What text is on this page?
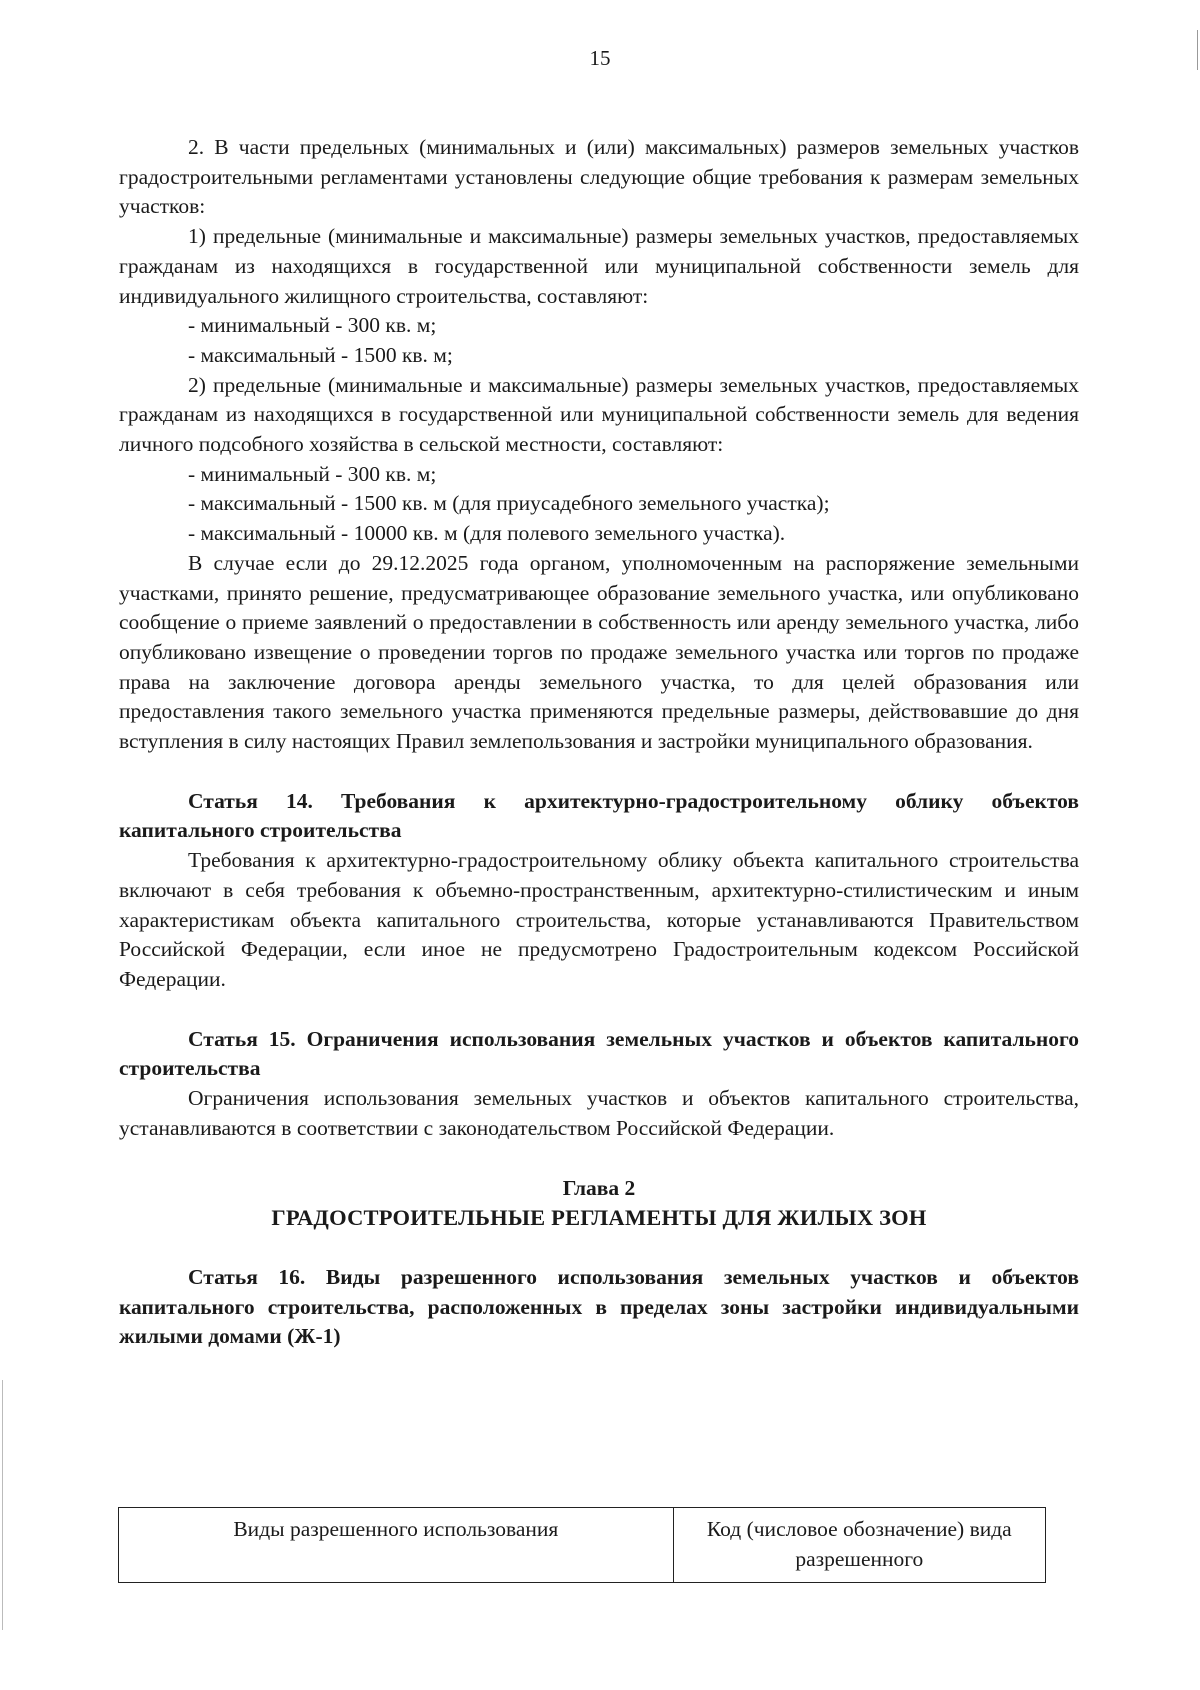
15

2. В части предельных (минимальных и (или) максимальных) размеров земельных участков градостроительными регламентами установлены следующие общие требования к размерам земельных участков:

1) предельные (минимальные и максимальные) размеры земельных участков, предоставляемых гражданам из находящихся в государственной или муниципальной собственности земель для индивидуального жилищного строительства, составляют:

- минимальный - 300 кв. м;

- максимальный - 1500 кв. м;

2) предельные (минимальные и максимальные) размеры земельных участков, предоставляемых гражданам из находящихся в государственной или муниципальной собственности земель для ведения личного подсобного хозяйства в сельской местности, составляют:

- минимальный - 300 кв. м;

- максимальный - 1500 кв. м (для приусадебного земельного участка);

- максимальный - 10000 кв. м (для полевого земельного участка).

В случае если до 29.12.2025 года органом, уполномоченным на распоряжение земельными участками, принято решение, предусматривающее образование земельного участка, или опубликовано сообщение о приеме заявлений о предоставлении в собственность или аренду земельного участка, либо опубликовано извещение о проведении торгов по продаже земельного участка или торгов по продаже права на заключение договора аренды земельного участка, то для целей образования или предоставления такого земельного участка применяются предельные размеры, действовавшие до дня вступления в силу настоящих Правил землепользования и застройки муниципального образования.

Статья 14. Требования к архитектурно-градостроительному облику объектов капитального строительства

Требования к архитектурно-градостроительному облику объекта капитального строительства включают в себя требования к объемно-пространственным, архитектурно-стилистическим и иным характеристикам объекта капитального строительства, которые устанавливаются Правительством Российской Федерации, если иное не предусмотрено Градостроительным кодексом Российской Федерации.

Статья 15. Ограничения использования земельных участков и объектов капитального строительства

Ограничения использования земельных участков и объектов капитального строительства, устанавливаются в соответствии с законодательством Российской Федерации.

Глава 2

ГРАДОСТРОИТЕЛЬНЫЕ РЕГЛАМЕНТЫ ДЛЯ ЖИЛЫХ ЗОН

Статья 16. Виды разрешенного использования земельных участков и объектов капитального строительства, расположенных в пределах зоны застройки индивидуальными жилыми домами (Ж-1)

Виды разрешенного использования	Код (числовое обозначение) вида разрешенного
